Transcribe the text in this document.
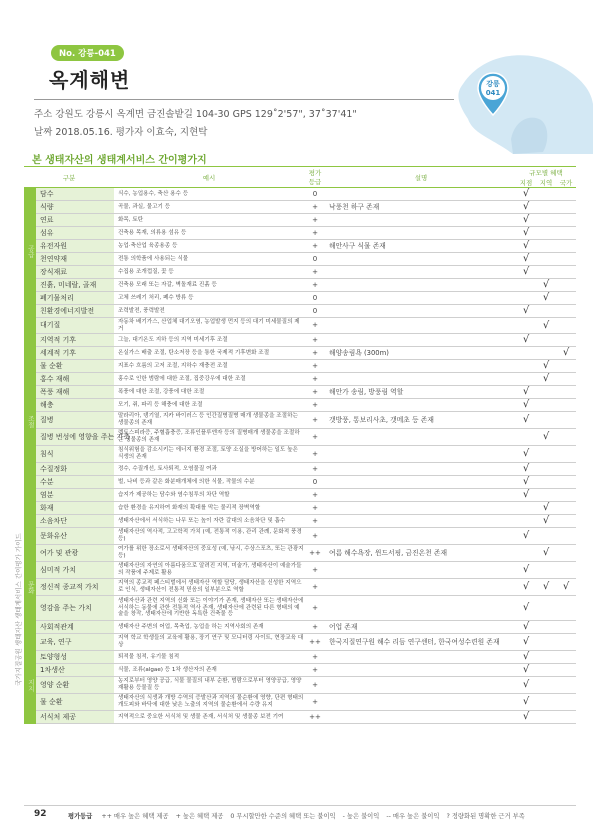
강릉
041
No. 강릉-041
옥계해변
주소 강원도 강릉시 옥계면 금진솔밭길 104-30 GPS 129˚2'57", 37˚37'41"
날짜 2018.05.16. 평가자 이효숙, 지현탁
본 생태자산의 생태계서비스 간이평가지
국가지질공원 생태자산 생태계서비스 간이평가 가이드
구분		예시	평가
등급	설명	규모별 혜택		
					지점	지역	국가
공급	담수	식수, 농업용수, 축산 용수 등	0		√		
	식량	곡물, 과실, 물고기 등	+	낙풍천 하구 존재	√		
	연료	화목, 토탄	+		√		
	섬유	건축용 목재, 의류용 섬유 등	+		√		
	유전자원	농업·축산업 육종용종 등	+	해안사구 식물 존재	√		
	천연약재	전통 의학품에 사용되는 식물	0		√		
	장식재료	수집용 조개껍질, 꽃 등	+		√		
	진흙, 미네랄, 골재	건축용 모래 또는 자갈, 벽돌재료 진흙 등	+			√	
	폐기물처리	고체 쓰레기 처리, 폐수 방류 등	0			√	
	친환경에너지발전	조력발전, 풍력발전	0		√		
조절	대기질	자동차 배기가스, 산업체 대기오염, 농업발생 먼지 등의 대기 미세물질의 제거	+			√	
	지역적 기후	그늘, 대기온도 지하 등의 지역 미세기후 조절	+		√		
	세계적 기후	온실가스 배출 조절, 탄소저장 등을 통한 국제적 기후변화 조절	+	해양송림욕 (300m)			√
	물 순환	지표수 흐름의 고저 조절, 지하수 재충전 조절	+			√	
	홍수 재해	홍수로 인한 범람에 대한 조절, 집중강우에 대한 조절	+			√	
	폭풍 재해	폭풍에 대한 조절, 강풍에 대한 조절	+	해안가 송림, 방풍림 역할	√		
	해충	모기, 쥐, 파리 등 해충에 대한 조절	+		√		
	질병	말라리아, 댕기열, 지카 바이러스 등 인간질병질병 매개 생물종을 조절하는 생물종의 존재	+	갯방풍, 통보리사초, 갯메초 등 존재	√		
	질병 번성에 영향을 주는 가축	렙토스피라증, 주혈흡충증, 조류인플루엔자 등의 질병매개 생물종을 조절하는 생물종의 존재	+			√	
	침식	침식위험을 감소시키는 에너지 환경 조절, 토양 소실을 방어하는 일도 높은 식생의 존재	+		√		
	수질정화	정수, 수질개선, 토사퇴적, 오염물질 여과	+		√		
	수분	벌, 나비 등과 같은 화분매개체에 의한 식물, 작물의 수분	0		√		
	염분	습지가 제공하는 담수와 염수침투의 차단 역할	+		√		
	화재	습한 환경을 유지하여 화재의 확대를 막는 물리적 장벽역할	+			√	
	소음차단	생태자산에서 서식하는 나무 또는 높이 자란 갈대의 소음차단 및 흡수	+			√	
문화	문화유산	생태자산의 역사적, 고고학적 가치 (예, 전통적 이용, 관리 관례, 문화적 풍경 등)	+		√		
	여가 및 관광	여가를 위한 장소로서 생태자산의 중요성 (예, 낚시, 수상스포츠, 또는 관광지 등)	++	여름 해수욕장, 윈드서핑, 금진온천 존재		√	
	심미적 가치	생태자산의 자연의 아름다움으로 알려진 지역, 미술가, 생태자산이 예술가들의 작품에 주제로 활용	+		√		
	정신적 종교적 가치	지역의 종교적 페스티벌에서 생태자산 역할 담당, 생태자산을 신성한 지역으로 인식, 생태자산이 전통적 믿음의 일부분으로 역할	+		√	√	√
	영감을 주는 가치	생태자산과 관련 지역의 신화 또는 이야기가 존재, 생태자산 또는 생태자산에 서식하는 동물에 관한 전통적 역사 존재, 생태자산에 관련된 다른 형태의 예술을 창작, 생태자산에 기반한 독특한 건축물 등	+		√		
	사회적관계	생태자산 주변의 어업, 목축업, 농업을 하는 지역사회의 존재	+	어업 존재	√		
	교육, 연구	지역 학교 학생들의 교육에 활용, 장기 연구 및 모니터링 사이트, 현장교육 대상	++	한국지질연구원 해수 리듬 연구센터, 한국여성수련원 존재	√		
지지	토양형성	퇴적물 침적, 유기물 침적	+		√		
	1차생산	식물, 조류(algae) 등 1차 생산자의 존재	+		√		
	영양 순환	농지로부터 영양 공급, 식물 물질의 내부 순환, 범람으로부터 영양공급, 영양 재활용 등물질 등	+		√		
	물 순환	생태자산의 식생과 개방 수역의 증발산과 지역의 물순환에 영향, 단편 형태의 개도피와 바닥에 대한 낮은 노출의 지역의 물순환에서 수량 유지	+		√		
	서식처 제공	지역적으로 중요한 서식처 및 생물 존재, 서식처 및 생물종 보전 기여	++		√		
92	평가등급 ++ 매우 높은 혜택 제공 + 높은 혜택 제공 0 무시할만한 수준의 혜택 또는 불이익 - 높은 불이익 -- 매우 높은 불이익 ? 정량화된 명확한 근거 부족
